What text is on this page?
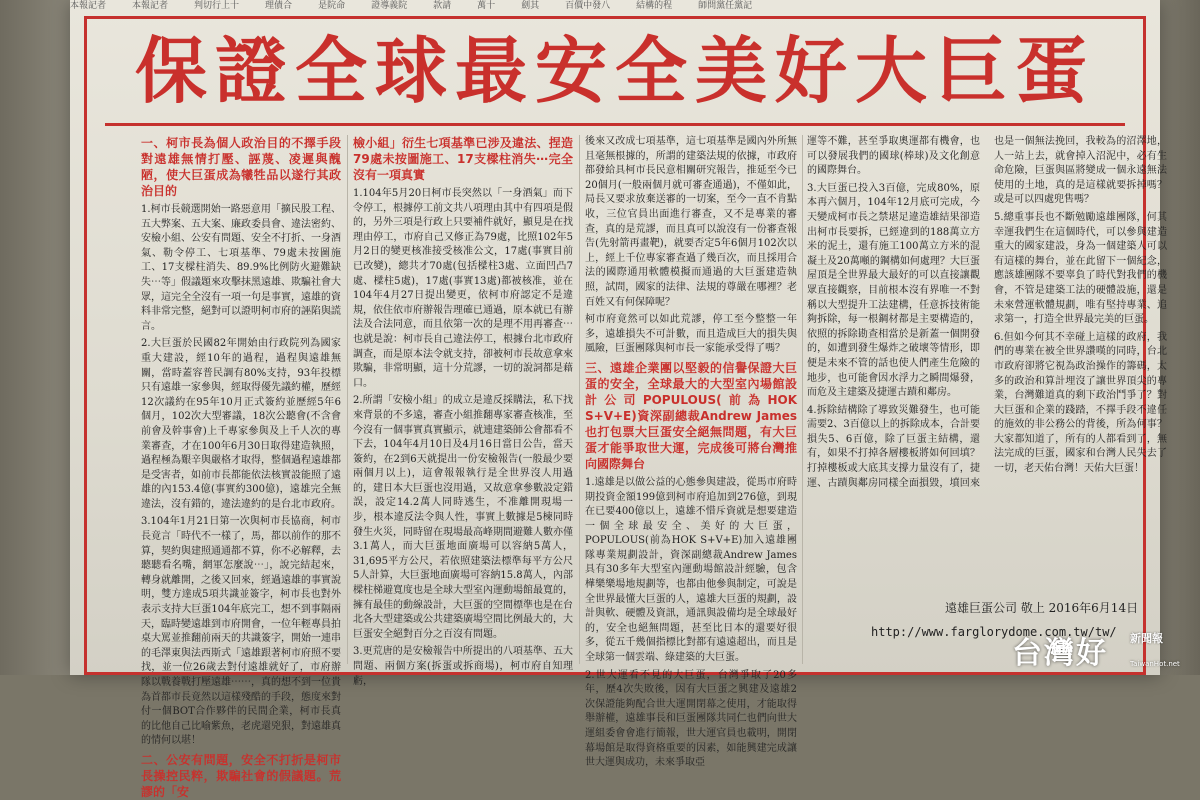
本報記者	本報記者	判切行上十	理債合	是院命	證導義院	款請	萬十	劍其	百價中發八	結構的程	師問黨任黨記
保證全球最安全美好大巨蛋
一、柯市長為個人政治目的不擇手段對遠雄無情打壓、誣蔑、凌遲與醜陋，使大巨蛋成為犧牲品以遂行其政治目的

1.柯市長競選開始一路惡意用「擴民股工程、五大弊案、五大案、廉政委員會、違法密約、安檢小組、公安有問題、安全不打折、一身酒氣、勒令停工、七項基準、79處未按圖施工、17支樑柱消失、89.9%比例防火避難缺失⋯等」假議題來攻擊抹黑遠雄、欺騙社會大眾，這完全全沒有一項一句是事實，遠雄的資料非常完整，絕對可以證明柯市府的誣陷與謊言。

2.大巨蛋於民國82年開始由行政院列為國家重大建設，經10年的過程，過程與遠雄無關，當時蓋容普民調有80%支持，93年投標只有遠雄一家參與，經取得優先議約權，歷經12次議約在95年10月正式簽約並歷經5年6個月，102次大型審議，18次公聽會(不含會前會及幹事會)上千專家參與及上千人次的專業審查，才在100年6月30日取得建造執照，過程極為艱辛與嚴格才取得，整個過程遠雄都是受害者，如前市長都能依法核實設能照了遠雄的內153.4億(事實約300億)，遠雄完全無違法，沒有錯的，違法違約的是台北市政府。

3.104年1月21日第一次與柯市長協商，柯市長竟言「時代不一樣了，馬，都以前作的那不算，契約與建照通通都不算，你不必解釋，去聽聽看名嘴，網軍怎麼說⋯」，說完結起來，轉身就離開，之後又回來，經過遠雄的事實說明，雙方達成5項共識並簽字，柯市長也對外表示支持大巨蛋104年底完工，想不到事隔兩天，臨時變遠雄到市府開會，一位年輕專員拍桌大罵並推翻前兩天的共識簽字，開始一連串的毛澤東與法西斯式「遠雄跟著柯市府照不要找，並一位26歲去對付遠雄就好了，市府辦隊以戰養戰打壓遠雄⋯⋯，真的想不到一位貴為首都市長竟然以這樣殘酷的手段，態度來對付一個BOT合作夥伴的民間企業，柯市長真的比他自己比喻紫魚，老虎還兇狠，對遠雄真的情何以堪！

二、公安有問題，安全不打折是柯市長操控民粹，欺騙社會的假議題。荒謬的「安
檢小組」衍生七項基準已涉及違法、捏造79處未按圖施工、17支樑柱消失⋯完全沒有一項真實

1.104年5月20日柯市長突然以「一身酒氣」而下令停工，根據停工前文共八項理由其中有四項是假的，另外三項是行政上只要補件就好，顯見是在找理由停工，市府自己又修正為79處，比照102年5月2日的變更核准接受核准公文，17處(事實目前已改變)，總共才70處(包括樑柱3處、立面凹凸7處、樑柱5處)，17處(事實13處)都被核准，並在104年4月27日提出變更，依柯市府認定不是違規，依住依市府辦報告理確已通過，原本就已有辦法及合法同意，而且依第一次的是理不用再審查⋯也就是說：柯市長自己違法停工，根據台北市政府調查，而是原本法令就支持，卻被柯市長故意拿來欺騙，非常明顯，這十分荒謬，一切的說詞都是藉口。

2.所謂「安檢小組」的成立是違反採購法，私下找來背景的不多遠，審查小組推翻專家審查核准，至今沒有一個事實真實顯示，就連建築師公會都看不下去，104年4月10日及4月16日當日公告，當天簽約，在2到6天就提出一份安檢報告(一般最少要兩個月以上)，這會報報執行是全世界沒人用過的，建日本大巨蛋也沒用過，又故意拿參數設定錯誤，設定14.2萬人同時逃生，不准離開現場一步，根本違反法令與人性，事實上數據是5楝同時發生火災，同時留在現場最高峰期間避難人數亦僅3.1萬人，而大巨蛋地面廣場可以容納5萬人，31,695平方公尺，若依照建築法標準每平方公尺5人計算，大巨蛋地面廣場可容納15.8萬人，內部樑柱梯避寬度也是全球大型室內運動場館最寬的，擁有最佳的動線設計，大巨蛋的空間標準也是在台北各大型建築或公共建築廣場空間比例最大的，大巨蛋安全絕對百分之百沒有問題。

3.更荒唐的是安檢報告中所提出的八項基準、五大問題、兩個方案(拆蛋或拆商場)，柯市府自知理虧，

後來又改成七項基準，這七項基準是國內外所無且毫無根據的，所謂的建築法規的依據，市政府都發給具柯市長民意相關研究報告，推延至今已20個月(一般兩個月就可審查通過)，不僅如此，局長又要求放棄送審的一切案，至今一直不肯點收，三位官員出面進行審查，又不是專業的審查，真的是荒謬，而且真可以說沒有一份審查報告(先射箭再畫靶)，就要否定5年6個月102次以上，經上千位專家審查過了幾百次，而且採用合法的國際通用軟體模擬而通過的大巨蛋建造執照，試問，國家的法律、法規的尊嚴在哪裡？老百姓又有何保障呢？

柯市府竟然可以如此荒謬，停工至今整整一年多，遠雄損失不可計數，而且造成巨大的損失與風險，巨蛋團隊與柯市長一家能承受得了嗎？

三、遠雄企業團以堅毅的信譽保證大巨蛋的安全，全球最大的大型室內場館設計公司POPULOUS(前為HOK S+V+E)資深副總裁Andrew James也打包票大巨蛋安全絕無問題，有大巨蛋才能爭取世大運，完成後可將台灣推向國際舞台

1.遠雄是以做公益的心態參與建設，從馬市府時期投資金額199億到柯市府追加到276億，到現在已要400億以上，遠雄不惜斥資就是想要建造一個全球最安全、美好的大巨蛋，POPULOUS(前為HOK S+V+E)加入遠雄團隊專業規劃設計，資深副總裁Andrew James具有30多年大型室內運動場館設計經驗，包含樺樂樂場地規劃等，也都由他參與制定，可說是全世界最懂大巨蛋的人，遠雄大巨蛋的規劃，設計與軟、硬體及資訊，通訊與設備均是全球最好的，安全也絕無問題，甚至比日本的還要好很多，從五千幾個指標比對都有遠遠超出，而且是全球第一個雲端、綠建築的大巨蛋。

2.世大運看不見的大巨蛋，台灣爭取了20多年，歷4次失敗後，因有大巨蛋之興建及遠雄2次保證能夠配合世大運開閉幕之使用，才能取得舉辦權，遠雄事長和巨蛋團隊共同仁也們向世大運組委會會進行簡報，世大運官員也載明，開閉幕場館是取得資格重要的因素，如能興建完成讓世大運與成功，未來爭取亞

運等不難，甚至爭取奧運都有機會，也可以發展我們的國球(棒球)及文化創意的國際舞台。

3.大巨蛋已投入3百億，完成80%，原本再六個月，104年12月底可完成，今天變成柯市長之禁堪足違造雄結果卻造出柯市長要拆，已經違到的188萬立方米的泥土，還有施工100萬立方米的混凝土及20萬噸的鋼構如何處理？大巨蛋屋頂是全世界最大最好的可以直接讓觀眾直接觀察，目前根本沒有界唯一不對稱以大型提升工法建構，任意拆技術能夠拆除，每一根鋼材都是主要構造的，依照的拆除勘查相當於是新蓋一個開發的，如遭到發生爆炸之破壞等情形，即便是未來不管的話也使人們產生危險的地步，也可能會因水浮力之瞬間爆發，而危及主建築及捷運古蹟和鄰房。

4.拆除結構除了導致災難發生，也可能需要2、3百億以上的拆除成本，合計要損失5、6百億，除了巨蛋主結構，還有，如果不打掉各層樓板將如何回填？打掉樓板或大底其支撐力量沒有了，捷運、古蹟與鄰房同樣全面損毀，墳回來也是一個無法挽回，我較為的沼澤地，人一站上去，就會掉入沼泥中，必有生命危險，巨蛋與區將變成一個永遠無法使用的土地，真的是這樣就要拆掉嗎？或是可以四處兜售嗎？

5.總重事長也不斷勉勵遠雄團隊，何其幸運我們生在這個時代，可以參與建造重大的國家建設，身為一個建築人可以有這樣的舞台，並在此留下一個紀念，應該雄團隊不要辜負了時代對我們的機會，不管是建築工法的硬體設施，還是未來營運軟體規劃，唯有堅持專業、追求第一，打造全世界最完美的巨蛋。

6.但如今何其不幸碰上這樣的政府，我們的專業在被全世界讚嘆的同時，台北市政府卻將它視為政治操作的籌碼，太多的政治和算計埋沒了讓世界頂尖的專業，台灣難道真的剩下政治鬥爭了？對大巨蛋和企業的踐踏，不擇手段不違任的施效的非公務公的背後，所為何事？大家都知道了，所有的人都看到了，無法完成的巨蛋，國家和台灣人民失去了一切，老天佑台灣！天佑大巨蛋！

遠雄巨蛋公司 敬上 2016年6月14日
http://www.farglorydome.com.tw/tw/
台灣好 新聞報
TaiwanHot.net
